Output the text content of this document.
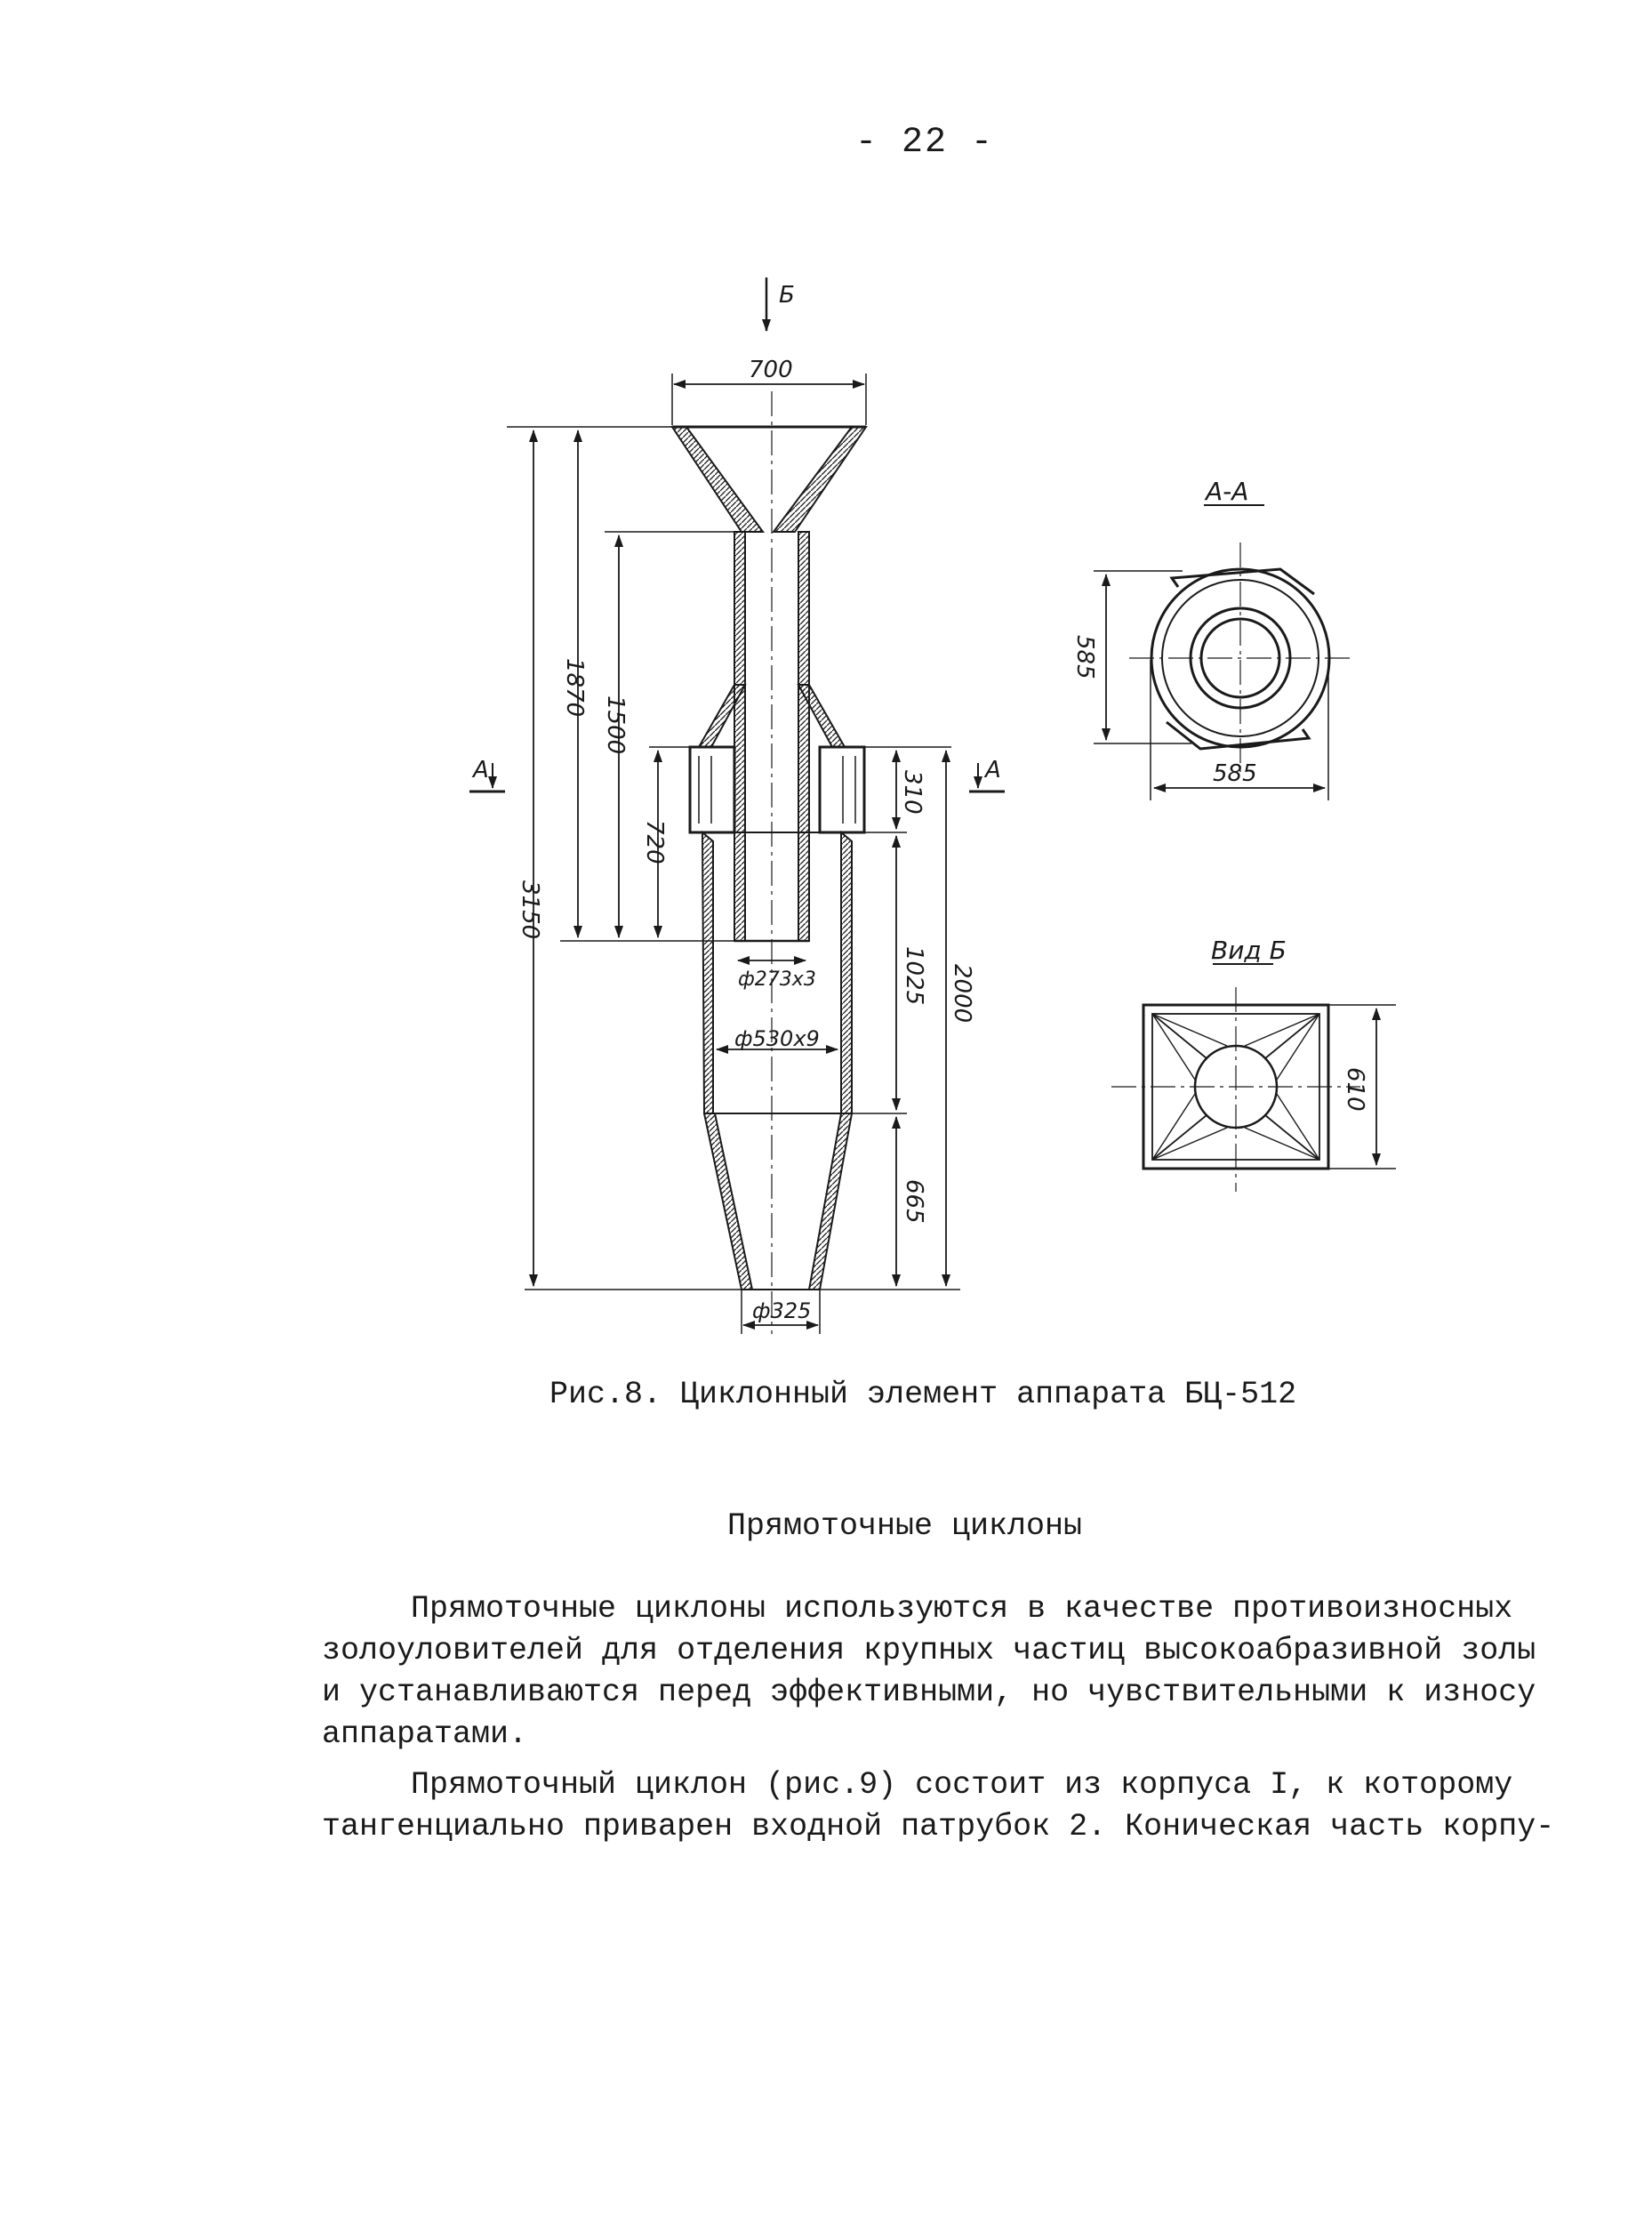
- 22 -
Б
700
А	А
А-А
Вид Б
3150
1870
1500
720
310
1025 2000
665
ф273х3
ф530х9
ф325
585
585
610
Рис.8. Циклонный элемент аппарата БЦ-512
Прямоточные циклоны
Прямоточные циклоны используются в качестве противоизносных
золоуловителей для отделения крупных частиц высокоабразивной золы
и устанавливаются перед эффективными, но чувствительными к износу
аппаратами.
Прямоточный циклон (рис.9) состоит из корпуса I, к которому
тангенциально приварен входной патрубок 2. Коническая часть корпу-
